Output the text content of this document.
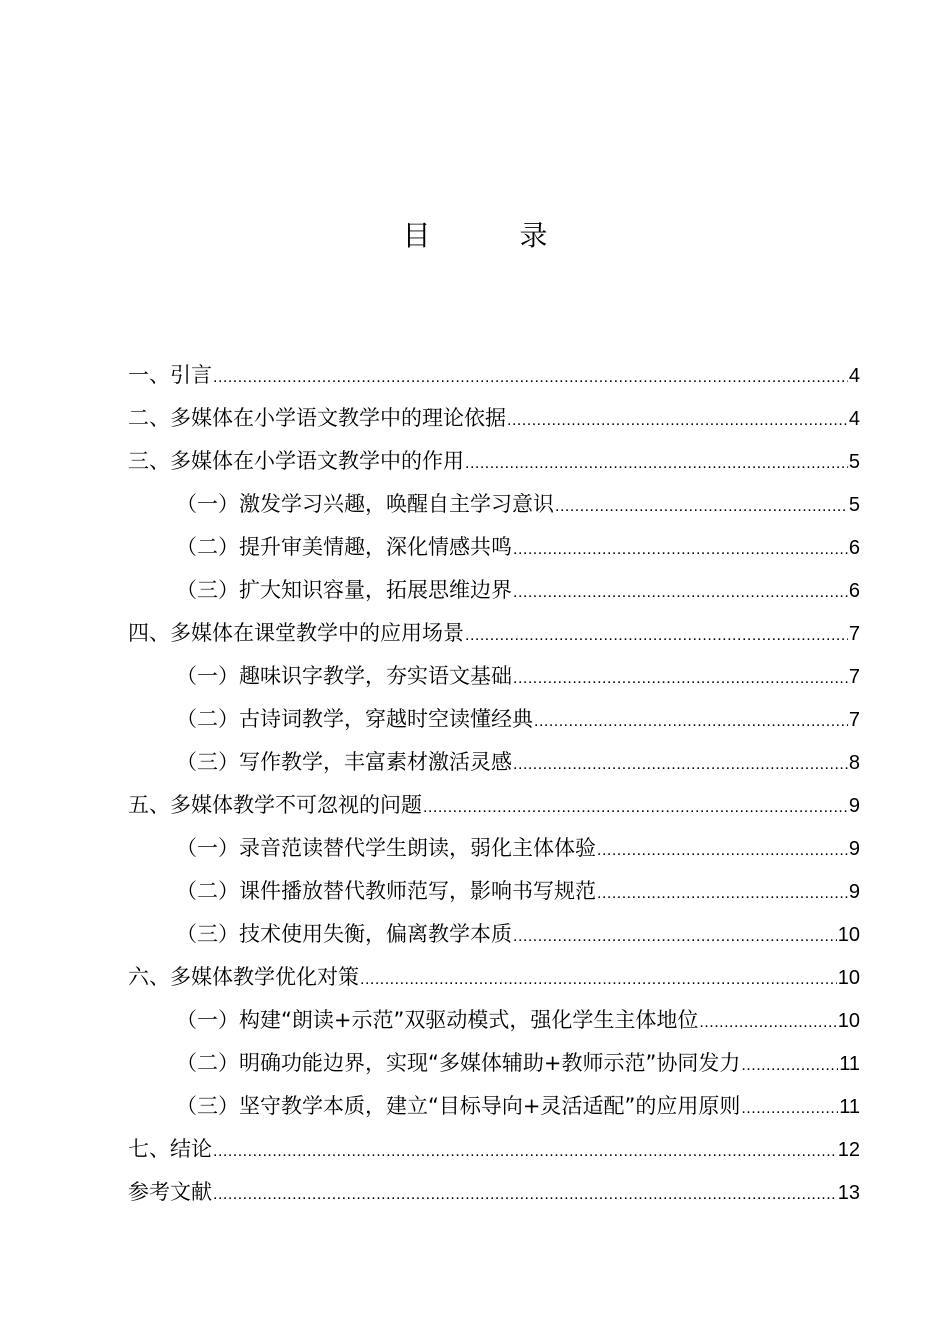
目 录
一、引言 .....	4
二、多媒体在小学语文教学中的理论依据 .....	4
三、多媒体在小学语文教学中的作用 .....	5
（一）激发学习兴趣，唤醒自主学习意识 .....	5
（二）提升审美情趣，深化情感共鸣 .....	6
（三）扩大知识容量，拓展思维边界 .....	6
四、多媒体在课堂教学中的应用场景 .....	7
（一）趣味识字教学，夯实语文基础 .....	7
（二）古诗词教学，穿越时空读懂经典 .....	7
（三）写作教学，丰富素材激活灵感 .....	8
五、多媒体教学不可忽视的问题 .....	9
（一）录音范读替代学生朗读，弱化主体体验 .....	9
（二）课件播放替代教师范写，影响书写规范 .....	9
（三）技术使用失衡，偏离教学本质 .....	10
六、多媒体教学优化对策 .....	10
（一）构建“朗读+示范”双驱动模式，强化学生主体地位 .....	10
（二）明确功能边界，实现“多媒体辅助+教师示范”协同发力 .....	11
（三）坚守教学本质，建立“目标导向+灵活适配”的应用原则 .....	11
七、结论 .....	12
参考文献 .....	13
